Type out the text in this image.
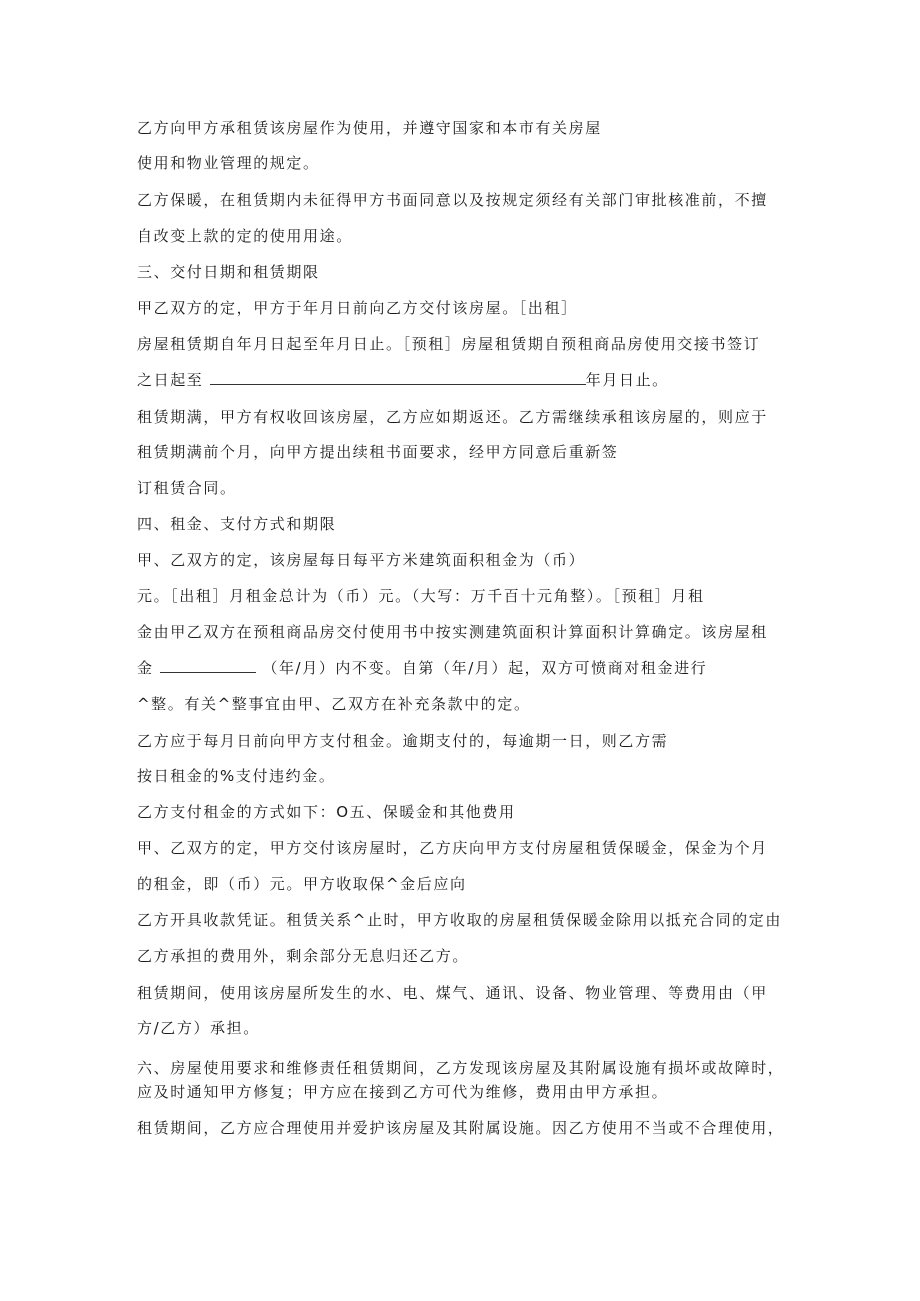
乙方向甲方承租赁该房屋作为使用，并遵守国家和本市有关房屋
使用和物业管理的规定。
乙方保暖，在租赁期内未征得甲方书面同意以及按规定须经有关部门审批核准前，不擅
自改变上款的定的使用用途。
三、交付日期和租赁期限
甲乙双方的定，甲方于年月日前向乙方交付该房屋。［出租］
房屋租赁期自年月日起至年月日止。［预租］房屋租赁期自预租商品房使用交接书签订
之日起至	年月日止。
租赁期满，甲方有权收回该房屋，乙方应如期返还。乙方需继续承租该房屋的，则应于
租赁期满前个月，向甲方提出续租书面要求，经甲方同意后重新签
订租赁合同。
四、租金、支付方式和期限
甲、乙双方的定，该房屋每日每平方米建筑面积租金为（币）
元。［出租］月租金总计为（币）元。（大写：万千百十元角整）。［预租］月租
金由甲乙双方在预租商品房交付使用书中按实测建筑面积计算面积计算确定。该房屋租
金	（年/月）内不变。自第（年/月）起，双方可愤商对租金进行
^整。有关^整事宜由甲、乙双方在补充条款中的定。
乙方应于每月日前向甲方支付租金。逾期支付的，每逾期一日，则乙方需
按日租金的%支付违约金。
乙方支付租金的方式如下：O五、保暖金和其他费用
甲、乙双方的定，甲方交付该房屋时，乙方庆向甲方支付房屋租赁保暖金，保金为个月
的租金，即（币）元。甲方收取保^金后应向
乙方开具收款凭证。租赁关系^止时，甲方收取的房屋租赁保暖金除用以抵充合同的定由
乙方承担的费用外，剩余部分无息归还乙方。
租赁期间，使用该房屋所发生的水、电、煤气、通讯、设备、物业管理、等费用由（甲
方/乙方）承担。
六、房屋使用要求和维修责任租赁期间，乙方发现该房屋及其附属设施有损坏或故障时，
应及时通知甲方修复；甲方应在接到乙方可代为维修，费用由甲方承担。
租赁期间，乙方应合理使用并爱护该房屋及其附属设施。因乙方使用不当或不合理使用，
